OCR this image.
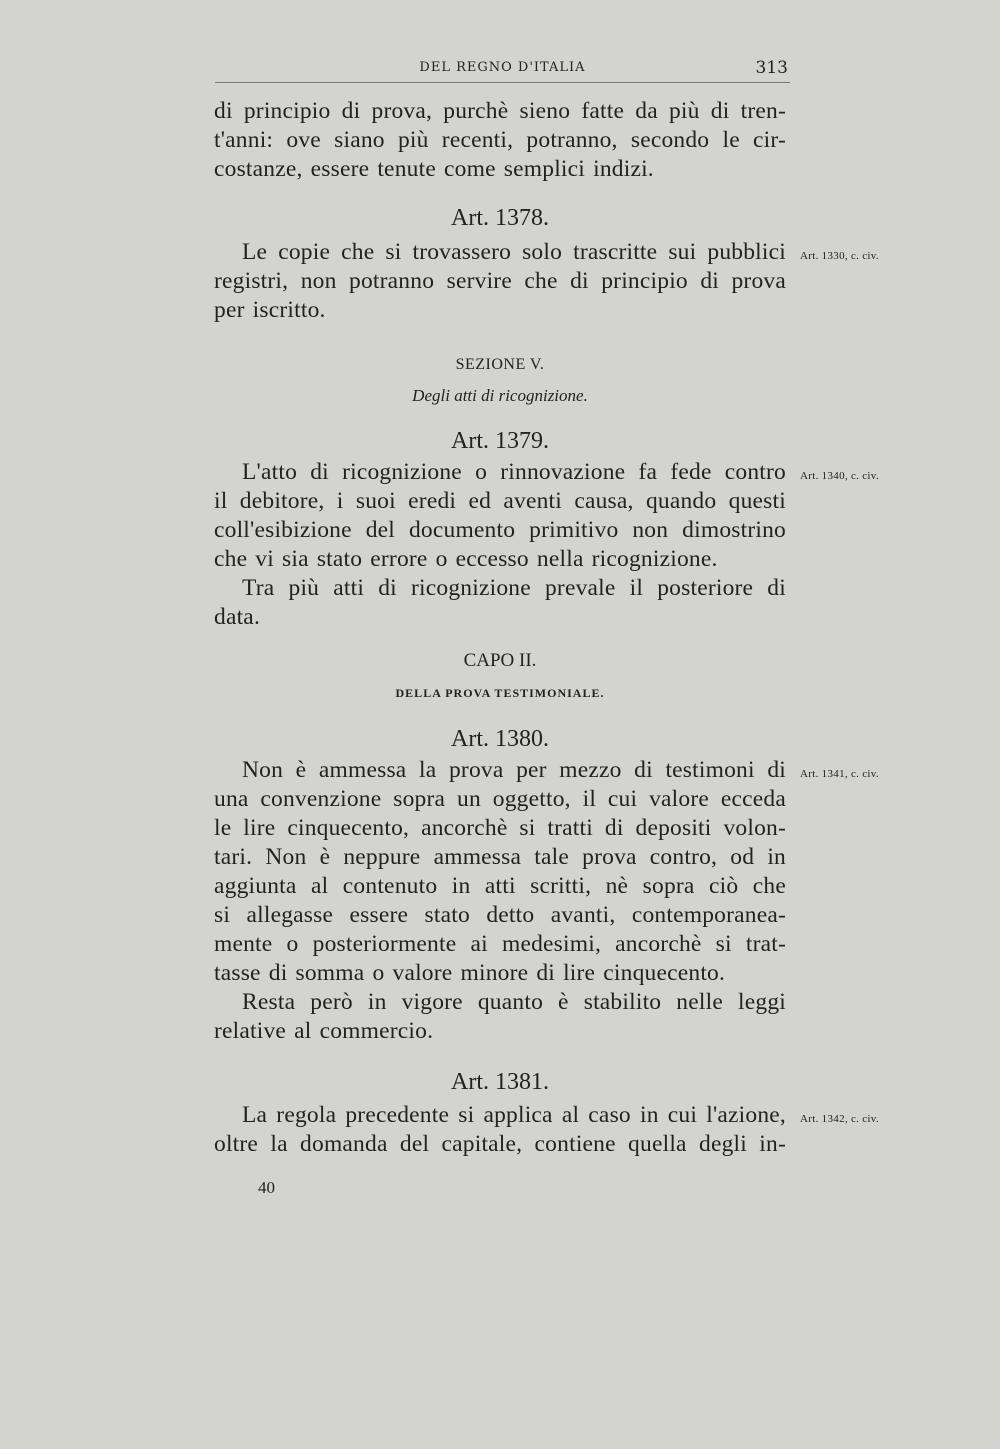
DEL REGNO D'ITALIA	313
di principio di prova, purchè sieno fatte da più di tren-
t'anni: ove siano più recenti, potranno, secondo le cir-
costanze, essere tenute come semplici indizi.
Art. 1378.
Art. 1330, c. civ.
Le copie che si trovassero solo trascritte sui pubblici
registri, non potranno servire che di principio di prova
per iscritto.
SEZIONE V.
Degli atti di ricognizione.
Art. 1379.
Art. 1340, c. civ.
L'atto di ricognizione o rinnovazione fa fede contro
il debitore, i suoi eredi ed aventi causa, quando questi
coll'esibizione del documento primitivo non dimostrino
che vi sia stato errore o eccesso nella ricognizione.
Tra più atti di ricognizione prevale il posteriore di
data.
CAPO II.
DELLA PROVA TESTIMONIALE.
Art. 1380.
Art. 1341, c. civ.
Non è ammessa la prova per mezzo di testimoni di
una convenzione sopra un oggetto, il cui valore ecceda
le lire cinquecento, ancorchè si tratti di depositi volon-
tari. Non è neppure ammessa tale prova contro, od in
aggiunta al contenuto in atti scritti, nè sopra ciò che
si allegasse essere stato detto avanti, contemporanea-
mente o posteriormente ai medesimi, ancorchè si trat-
tasse di somma o valore minore di lire cinquecento.
Resta però in vigore quanto è stabilito nelle leggi
relative al commercio.
Art. 1381.
Art. 1342, c. civ.
La regola precedente si applica al caso in cui l'azione,
oltre la domanda del capitale, contiene quella degli in-
40
